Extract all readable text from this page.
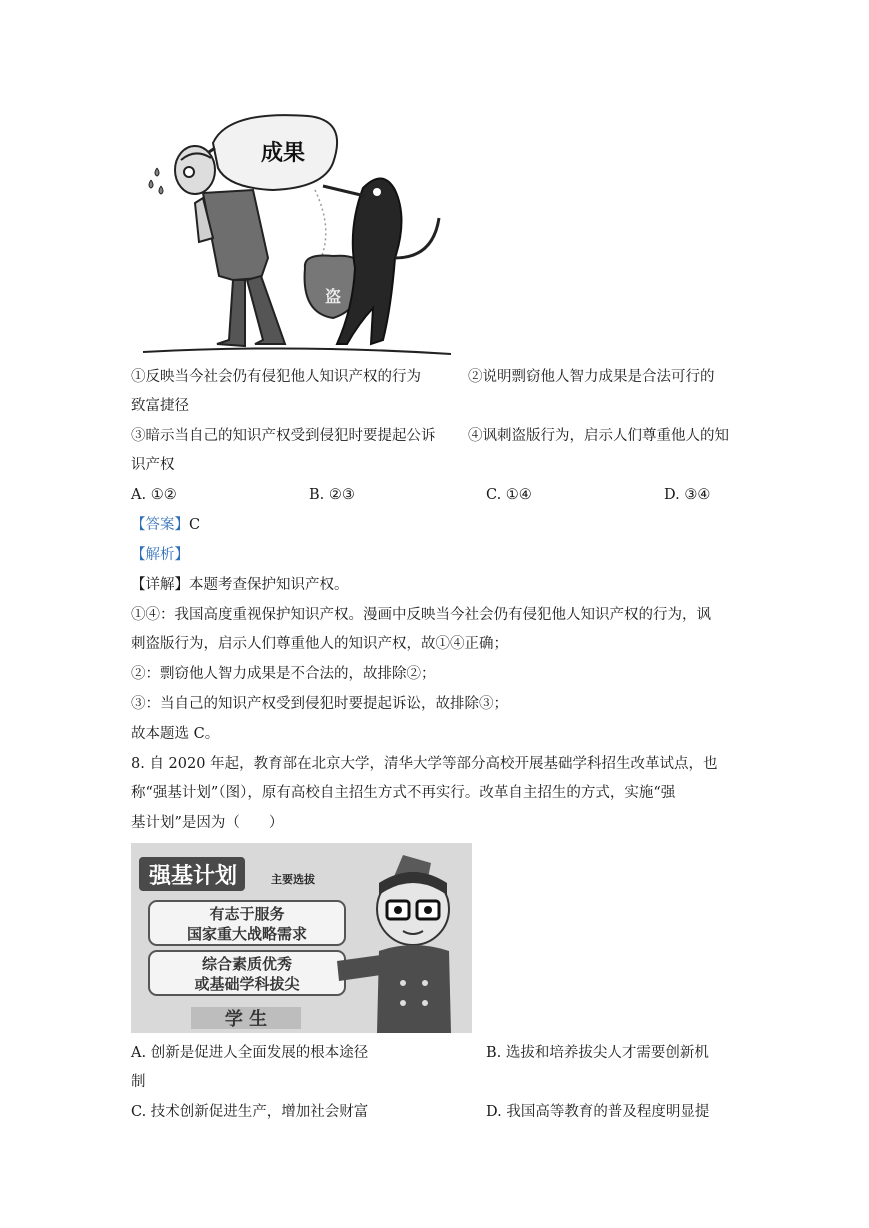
成果
盗
①反映当今社会仍有侵犯他人知识产权的行为	②说明剽窃他人智力成果是合法可行的
致富捷径
③暗示当自己的知识产权受到侵犯时要提起公诉 ④讽刺盗版行为，启示人们尊重他人的知
识产权
A. ①②	B. ②③	C. ①④	D. ③④
【答案】C
【解析】
【详解】本题考查保护知识产权。
①④：我国高度重视保护知识产权。漫画中反映当今社会仍有侵犯他人知识产权的行为，讽
刺盗版行为，启示人们尊重他人的知识产权，故①④正确；
②：剽窃他人智力成果是不合法的，故排除②；
③：当自己的知识产权受到侵犯时要提起诉讼，故排除③；
故本题选 C。
8. 自 2020 年起，教育部在北京大学，清华大学等部分高校开展基础学科招生改革试点，也
称“强基计划”（图），原有高校自主招生方式不再实行。改革自主招生的方式，实施“强
基计划”是因为（　　）
强基计划	主要选拔
有志于服务
国家重大战略需求
综合素质优秀
或基础学科拔尖
学 生
A. 创新是促进人全面发展的根本途径	B. 选拔和培养拔尖人才需要创新机
制
C. 技术创新促进生产，增加社会财富	D. 我国高等教育的普及程度明显提
